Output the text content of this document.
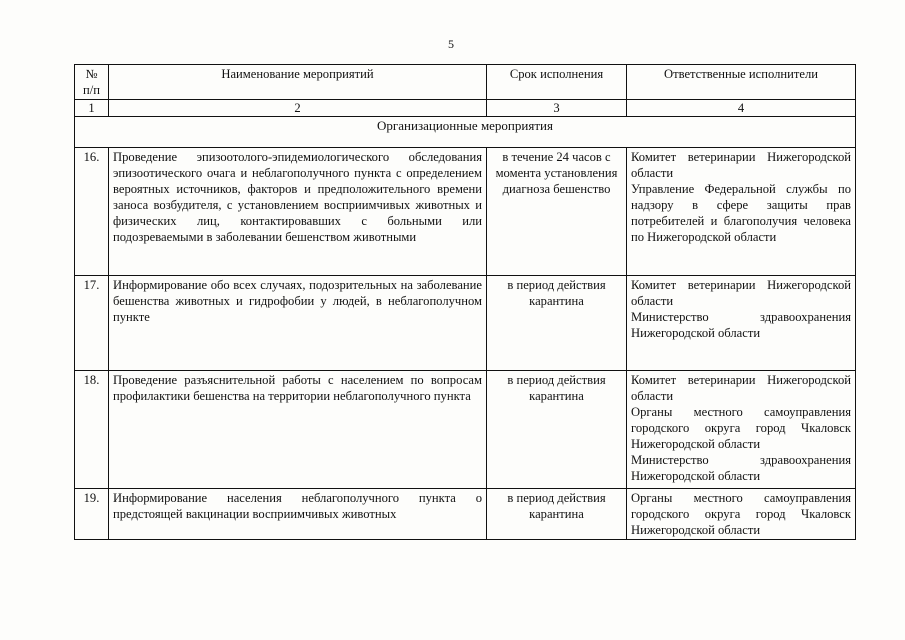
5
№ п/п	Наименование мероприятий	Срок исполнения	Ответственные исполнители
1	2	3	4
Организационные мероприятия			
16.	Проведение эпизоотолого-эпидемиологического обследования эпизоотического очага и неблагополучного пункта с определением вероятных источников, факторов и предположительного времени заноса возбудителя, с установлением восприимчивых животных и физических лиц, контактировавших с больными или подозреваемыми в заболевании бешенством животными	в течение 24 часов с момента установления диагноза бешенство	Комитет ветеринарии Нижегородской области
Управление Федеральной службы по надзору в сфере защиты прав потребителей и благополучия человека по Нижегородской области

17.	Информирование обо всех случаях, подозрительных на заболевание бешенства животных и гидрофобии у людей, в неблагополучном пункте	в период действия карантина	Комитет ветеринарии Нижегородской области
Министерство здравоохранения Нижегородской области

18.	Проведение разъяснительной работы с населением по вопросам профилактики бешенства на территории неблагополучного пункта	в период действия карантина	Комитет ветеринарии Нижегородской области
Органы местного самоуправления городского округа город Чкаловск Нижегородской области
Министерство здравоохранения Нижегородской области

19.	Информирование населения неблагополучного пункта о предстоящей вакцинации восприимчивых животных	в период действия карантина	Органы местного самоуправления городского округа город Чкаловск Нижегородской области
